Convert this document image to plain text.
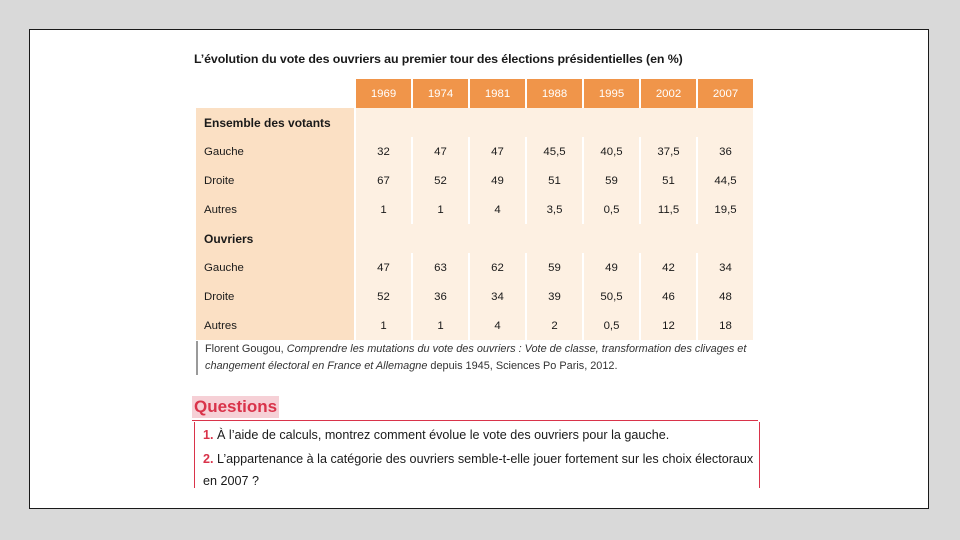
L’évolution du vote des ouvriers au premier tour des élections présidentielles (en %)
	1969	1974	1981	1988	1995	2002	2007
Ensemble des votants							
Gauche	32	47	47	45,5	40,5	37,5	36
Droite	67	52	49	51	59	51	44,5
Autres	1	1	4	3,5	0,5	11,5	19,5
Ouvriers							
Gauche	47	63	62	59	49	42	34
Droite	52	36	34	39	50,5	46	48
Autres	1	1	4	2	0,5	12	18
Florent Gougou, Comprendre les mutations du vote des ouvriers : Vote de classe, transformation des clivages et changement électoral en France et Allemagne depuis 1945, Sciences Po Paris, 2012.
Questions
1. À l’aide de calculs, montrez comment évolue le vote des ouvriers pour la gauche.
2. L’appartenance à la catégorie des ouvriers semble-t-elle jouer fortement sur les choix électoraux en 2007 ?
